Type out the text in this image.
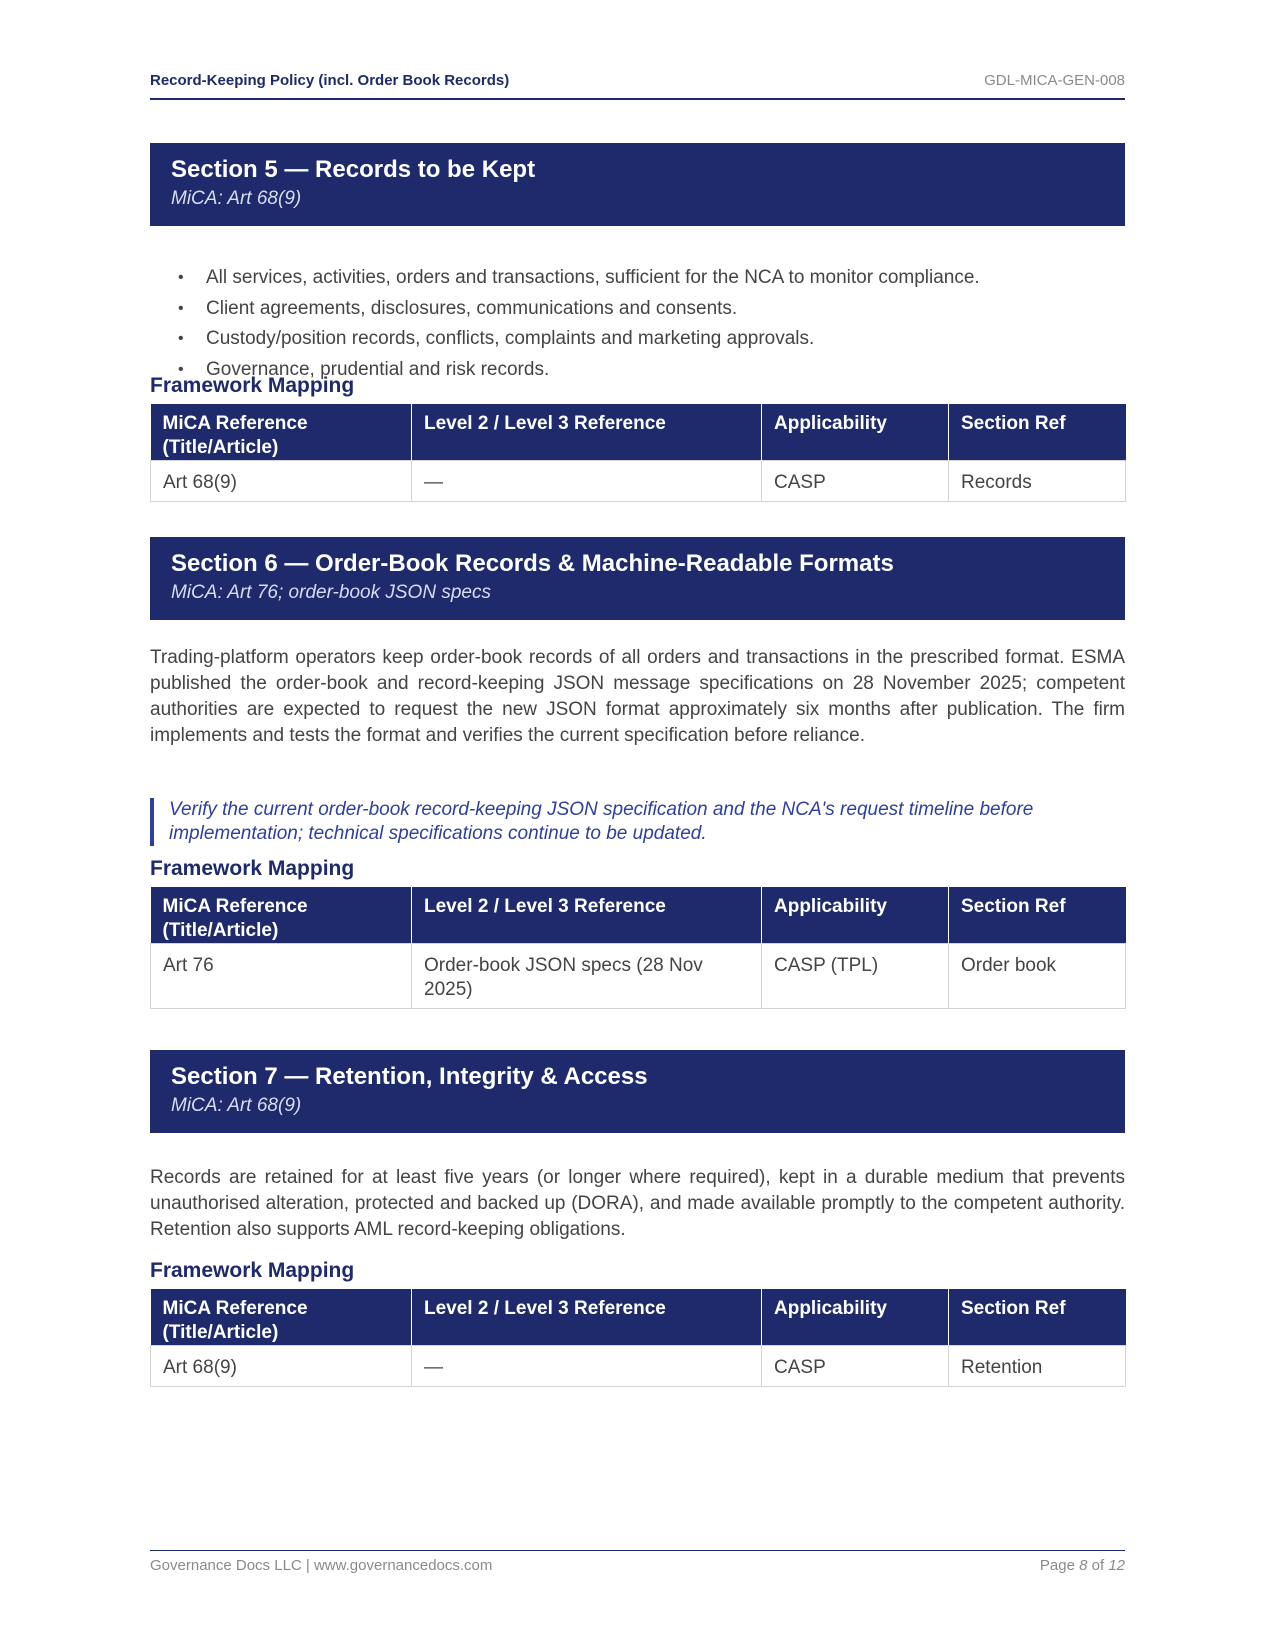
Record-Keeping Policy (incl. Order Book Records)	GDL-MICA-GEN-008
Section 5 — Records to be Kept
MiCA: Art 68(9)
• All services, activities, orders and transactions, sufficient for the NCA to monitor compliance.
• Client agreements, disclosures, communications and consents.
• Custody/position records, conflicts, complaints and marketing approvals.
• Governance, prudential and risk records.
Framework Mapping
MiCA Reference (Title/Article)	Level 2 / Level 3 Reference	Applicability	Section Ref
Art 68(9)	—	CASP	Records
Section 6 — Order-Book Records & Machine-Readable Formats
MiCA: Art 76; order-book JSON specs

Trading-platform operators keep order-book records of all orders and transactions in the prescribed format. ESMA published the order-book and record-keeping JSON message specifications on 28 November 2025; competent authorities are expected to request the new JSON format approximately six months after publication. The firm implements and tests the format and verifies the current specification before reliance.

Verify the current order-book record-keeping JSON specification and the NCA's request timeline before implementation; technical specifications continue to be updated.
Framework Mapping
MiCA Reference (Title/Article)	Level 2 / Level 3 Reference	Applicability	Section Ref
Art 76	Order-book JSON specs (28 Nov 2025)	CASP (TPL)	Order book
Section 7 — Retention, Integrity & Access
MiCA: Art 68(9)

Records are retained for at least five years (or longer where required), kept in a durable medium that prevents unauthorised alteration, protected and backed up (DORA), and made available promptly to the competent authority. Retention also supports AML record-keeping obligations.

Framework Mapping
MiCA Reference (Title/Article)	Level 2 / Level 3 Reference	Applicability	Section Ref
Art 68(9)	—	CASP	Retention
Governance Docs LLC | www.governancedocs.com	Page 8 of 12
